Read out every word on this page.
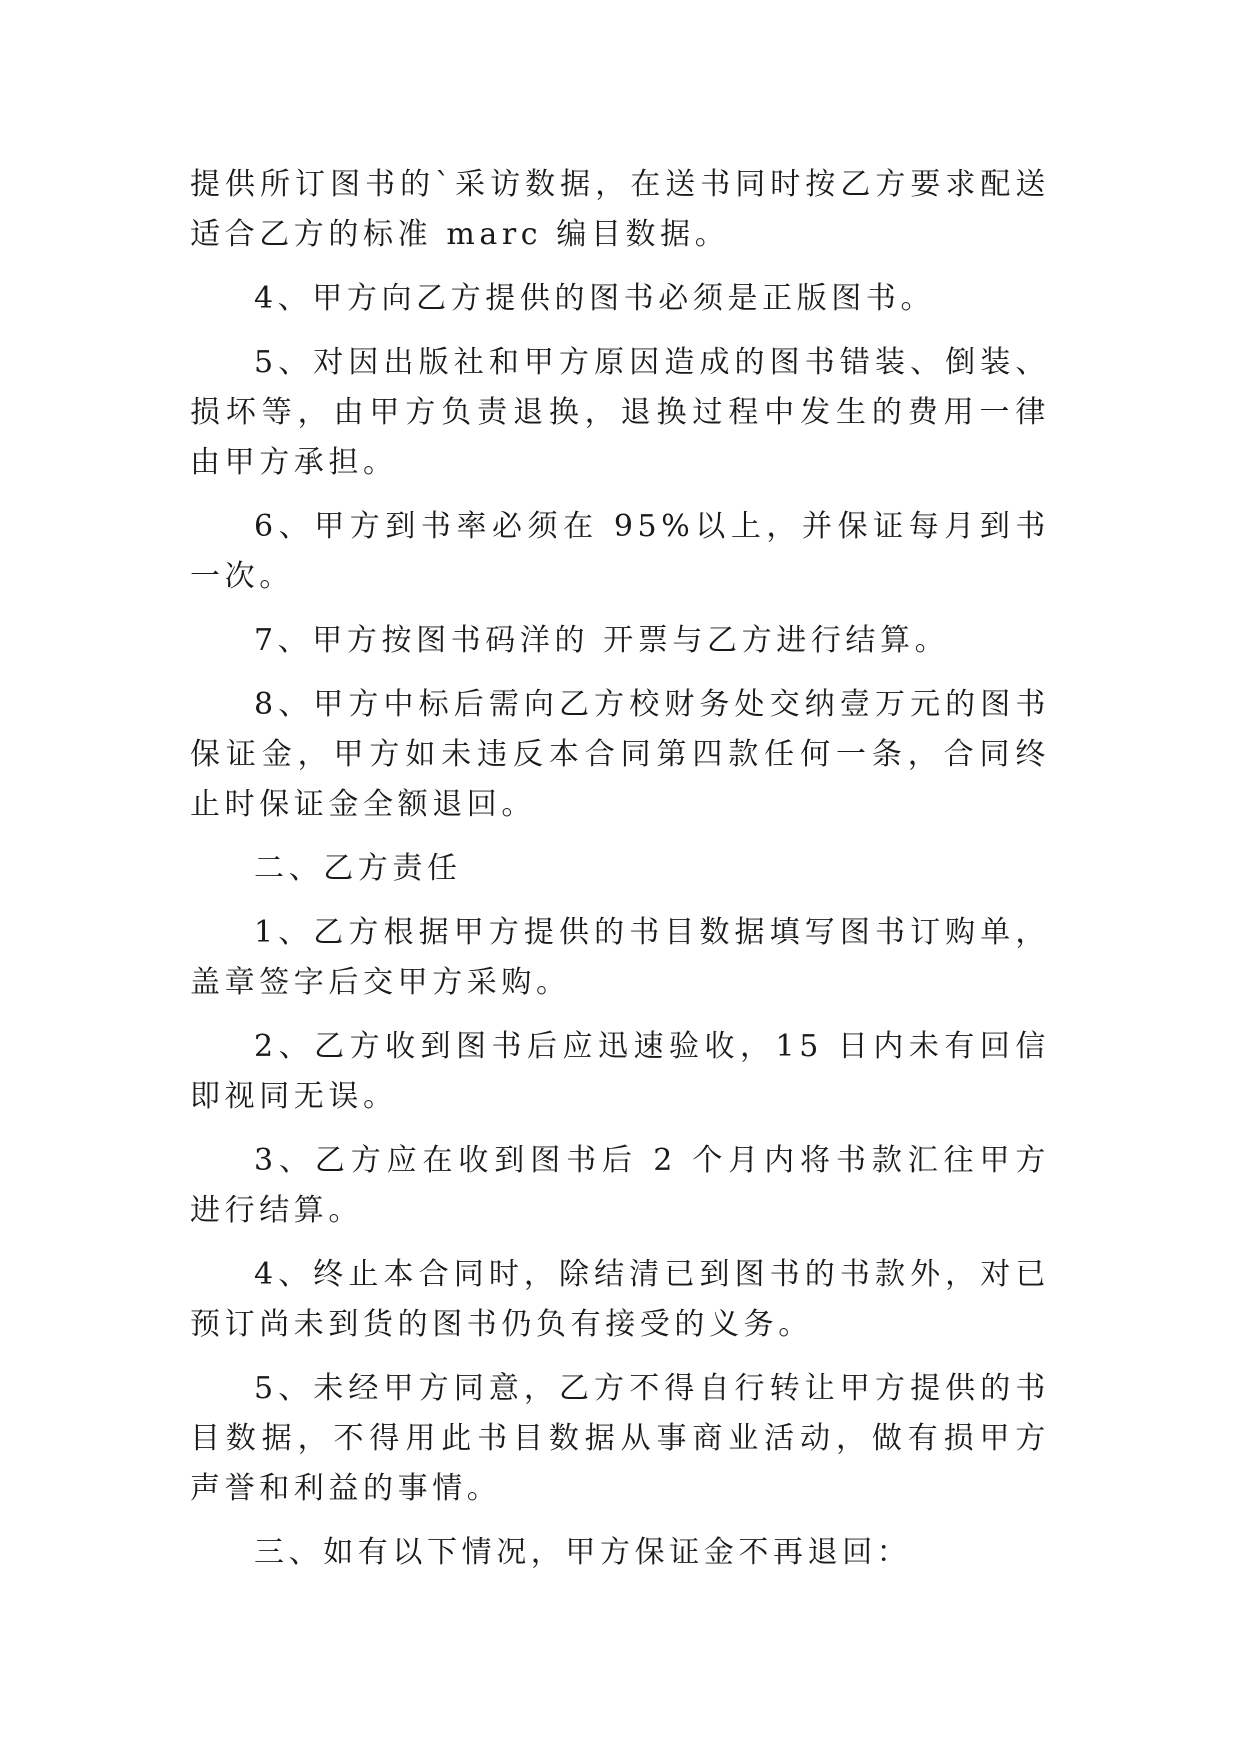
提供所订图书的`采访数据，在送书同时按乙方要求配送适合乙方的标准 marc 编目数据。

4、甲方向乙方提供的图书必须是正版图书。

5、对因出版社和甲方原因造成的图书错装、倒装、损坏等，由甲方负责退换，退换过程中发生的费用一律由甲方承担。

6、甲方到书率必须在 95%以上，并保证每月到书一次。

7、甲方按图书码洋的 开票与乙方进行结算。

8、甲方中标后需向乙方校财务处交纳壹万元的图书保证金，甲方如未违反本合同第四款任何一条，合同终止时保证金全额退回。

二、乙方责任

1、乙方根据甲方提供的书目数据填写图书订购单，盖章签字后交甲方采购。

2、乙方收到图书后应迅速验收，15 日内未有回信即视同无误。

3、乙方应在收到图书后 2 个月内将书款汇往甲方进行结算。

4、终止本合同时，除结清已到图书的书款外，对已预订尚未到货的图书仍负有接受的义务。

5、未经甲方同意，乙方不得自行转让甲方提供的书目数据，不得用此书目数据从事商业活动，做有损甲方声誉和利益的事情。

三、如有以下情况，甲方保证金不再退回：
